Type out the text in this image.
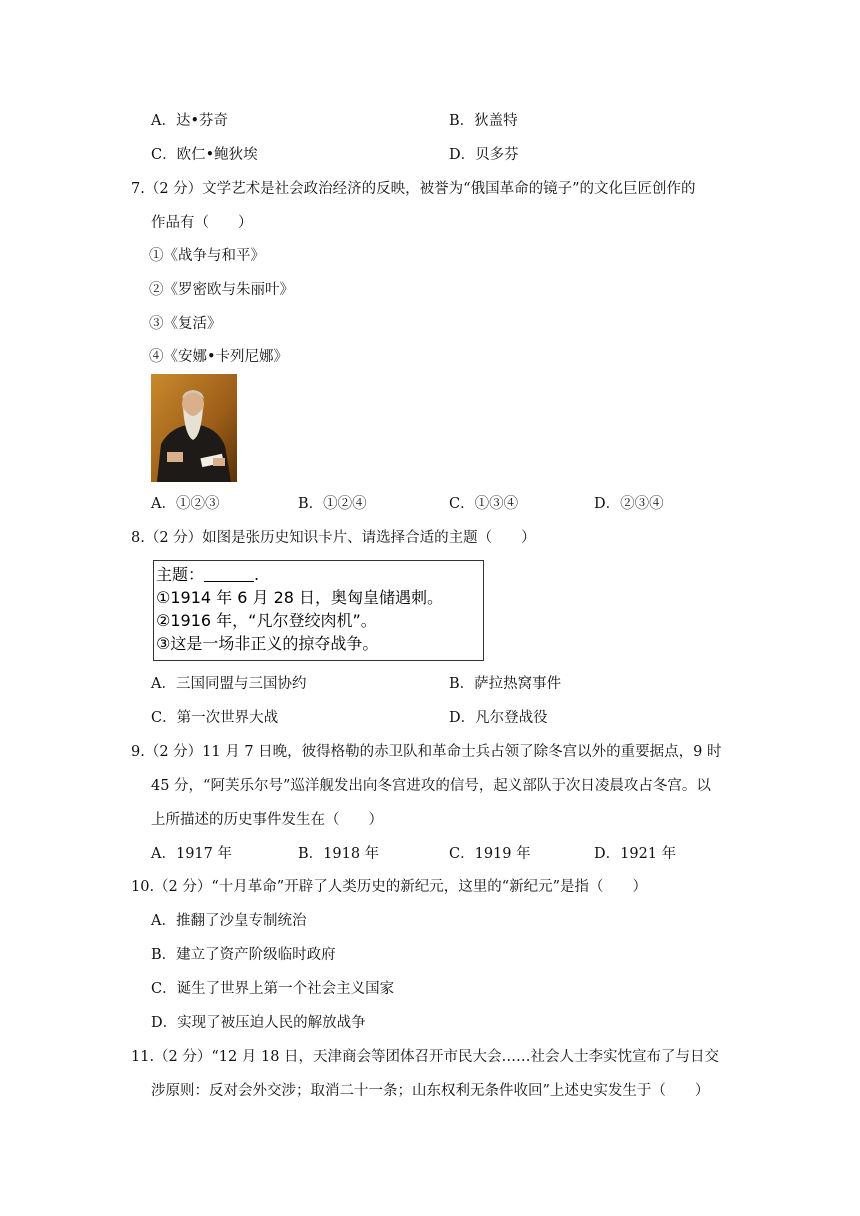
A．达•芬奇	B．狄盖特
C．欧仁•鲍狄埃	D．贝多芬
7.（2 分）文学艺术是社会政治经济的反映，被誉为“俄国革命的镜子”的文化巨匠创作的
作品有（　　）
①《战争与和平》
②《罗密欧与朱丽叶》
③《复活》
④《安娜•卡列尼娜》
A．①②③	B．①②④	C．①③④	D．②③④
8.（2 分）如图是张历史知识卡片、请选择合适的主题（　　）
主题：	.
①1914 年 6 月 28 日，奥匈皇储遇刺。
②1916 年，“凡尔登绞肉机”。
③这是一场非正义的掠夺战争。
A．三国同盟与三国协约	B．萨拉热窝事件
C．第一次世界大战	D．凡尔登战役
9.（2 分）11 月 7 日晚，彼得格勒的赤卫队和革命士兵占领了除冬宫以外的重要据点，9 时
45 分，“阿芙乐尔号”巡洋舰发出向冬宫进攻的信号，起义部队于次日凌晨攻占冬宫。以
上所描述的历史事件发生在（　　）
A．1917 年	B．1918 年	C．1919 年	D．1921 年
10.（2 分）“十月革命”开辟了人类历史的新纪元，这里的“新纪元”是指（　　）
A．推翻了沙皇专制统治
B．建立了资产阶级临时政府
C．诞生了世界上第一个社会主义国家
D．实现了被压迫人民的解放战争
11.（2 分）“12 月 18 日，天津商会等团体召开市民大会……社会人士李实忱宣布了与日交
涉原则：反对会外交涉；取消二十一条；山东权利无条件收回”上述史实发生于（　　）
